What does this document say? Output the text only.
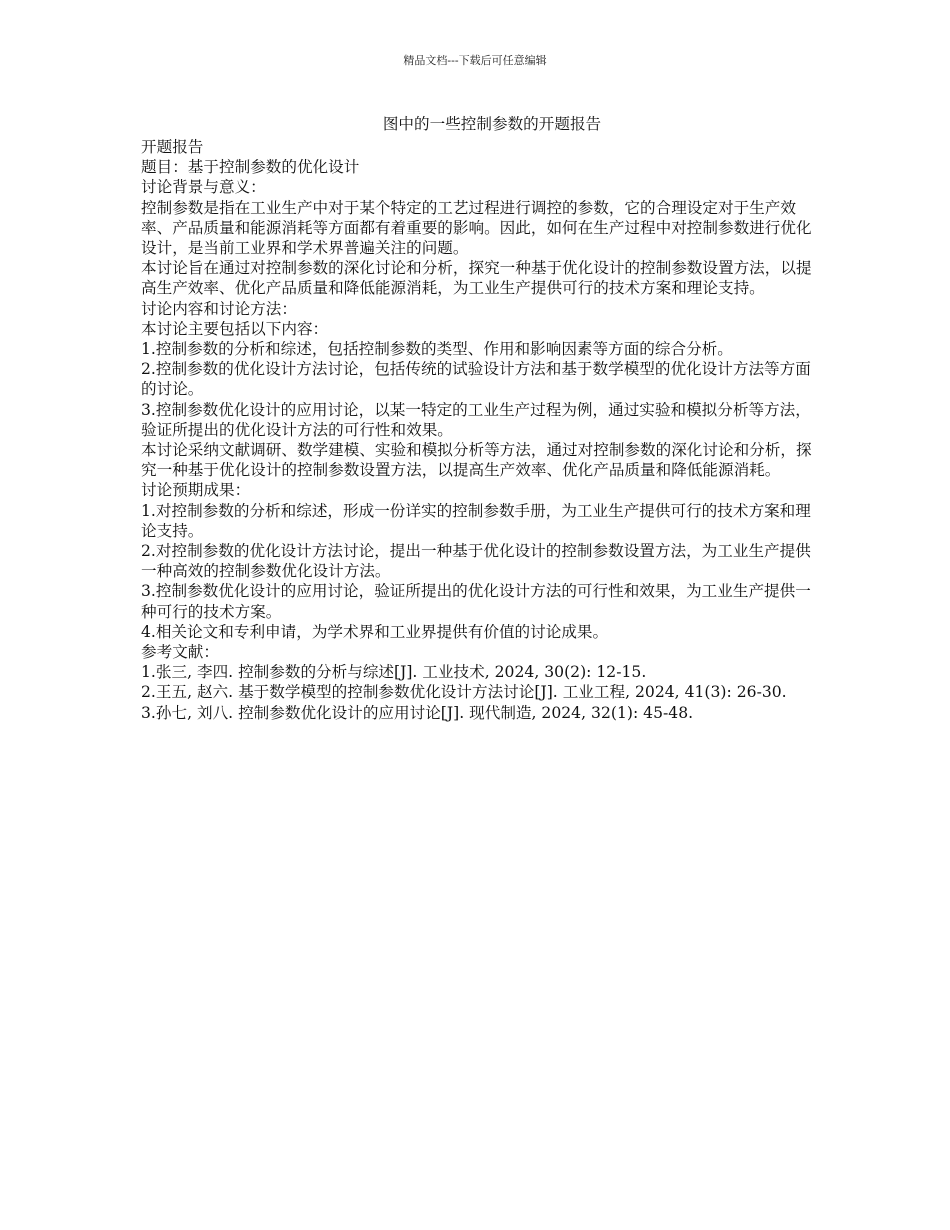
精品文档---下载后可任意编辑
图中的一些控制参数的开题报告

开题报告

题目：基于控制参数的优化设计

讨论背景与意义：

控制参数是指在工业生产中对于某个特定的工艺过程进行调控的参数，它的合理设定对于生产效率、产品质量和能源消耗等方面都有着重要的影响。因此，如何在生产过程中对控制参数进行优化设计，是当前工业界和学术界普遍关注的问题。

本讨论旨在通过对控制参数的深化讨论和分析，探究一种基于优化设计的控制参数设置方法，以提高生产效率、优化产品质量和降低能源消耗，为工业生产提供可行的技术方案和理论支持。

讨论内容和讨论方法：

本讨论主要包括以下内容：

1.控制参数的分析和综述，包括控制参数的类型、作用和影响因素等方面的综合分析。

2.控制参数的优化设计方法讨论，包括传统的试验设计方法和基于数学模型的优化设计方法等方面的讨论。

3.控制参数优化设计的应用讨论，以某一特定的工业生产过程为例，通过实验和模拟分析等方法，验证所提出的优化设计方法的可行性和效果。

本讨论采纳文献调研、数学建模、实验和模拟分析等方法，通过对控制参数的深化讨论和分析，探究一种基于优化设计的控制参数设置方法，以提高生产效率、优化产品质量和降低能源消耗。

讨论预期成果：

1.对控制参数的分析和综述，形成一份详实的控制参数手册，为工业生产提供可行的技术方案和理论支持。

2.对控制参数的优化设计方法讨论，提出一种基于优化设计的控制参数设置方法，为工业生产提供一种高效的控制参数优化设计方法。

3.控制参数优化设计的应用讨论，验证所提出的优化设计方法的可行性和效果，为工业生产提供一种可行的技术方案。

4.相关论文和专利申请，为学术界和工业界提供有价值的讨论成果。

参考文献：

1.张三, 李四. 控制参数的分析与综述[J]. 工业技术, 2024, 30(2): 12-15.

2.王五, 赵六. 基于数学模型的控制参数优化设计方法讨论[J]. 工业工程, 2024, 41(3): 26-30.

3.孙七, 刘八. 控制参数优化设计的应用讨论[J]. 现代制造, 2024, 32(1): 45-48.
